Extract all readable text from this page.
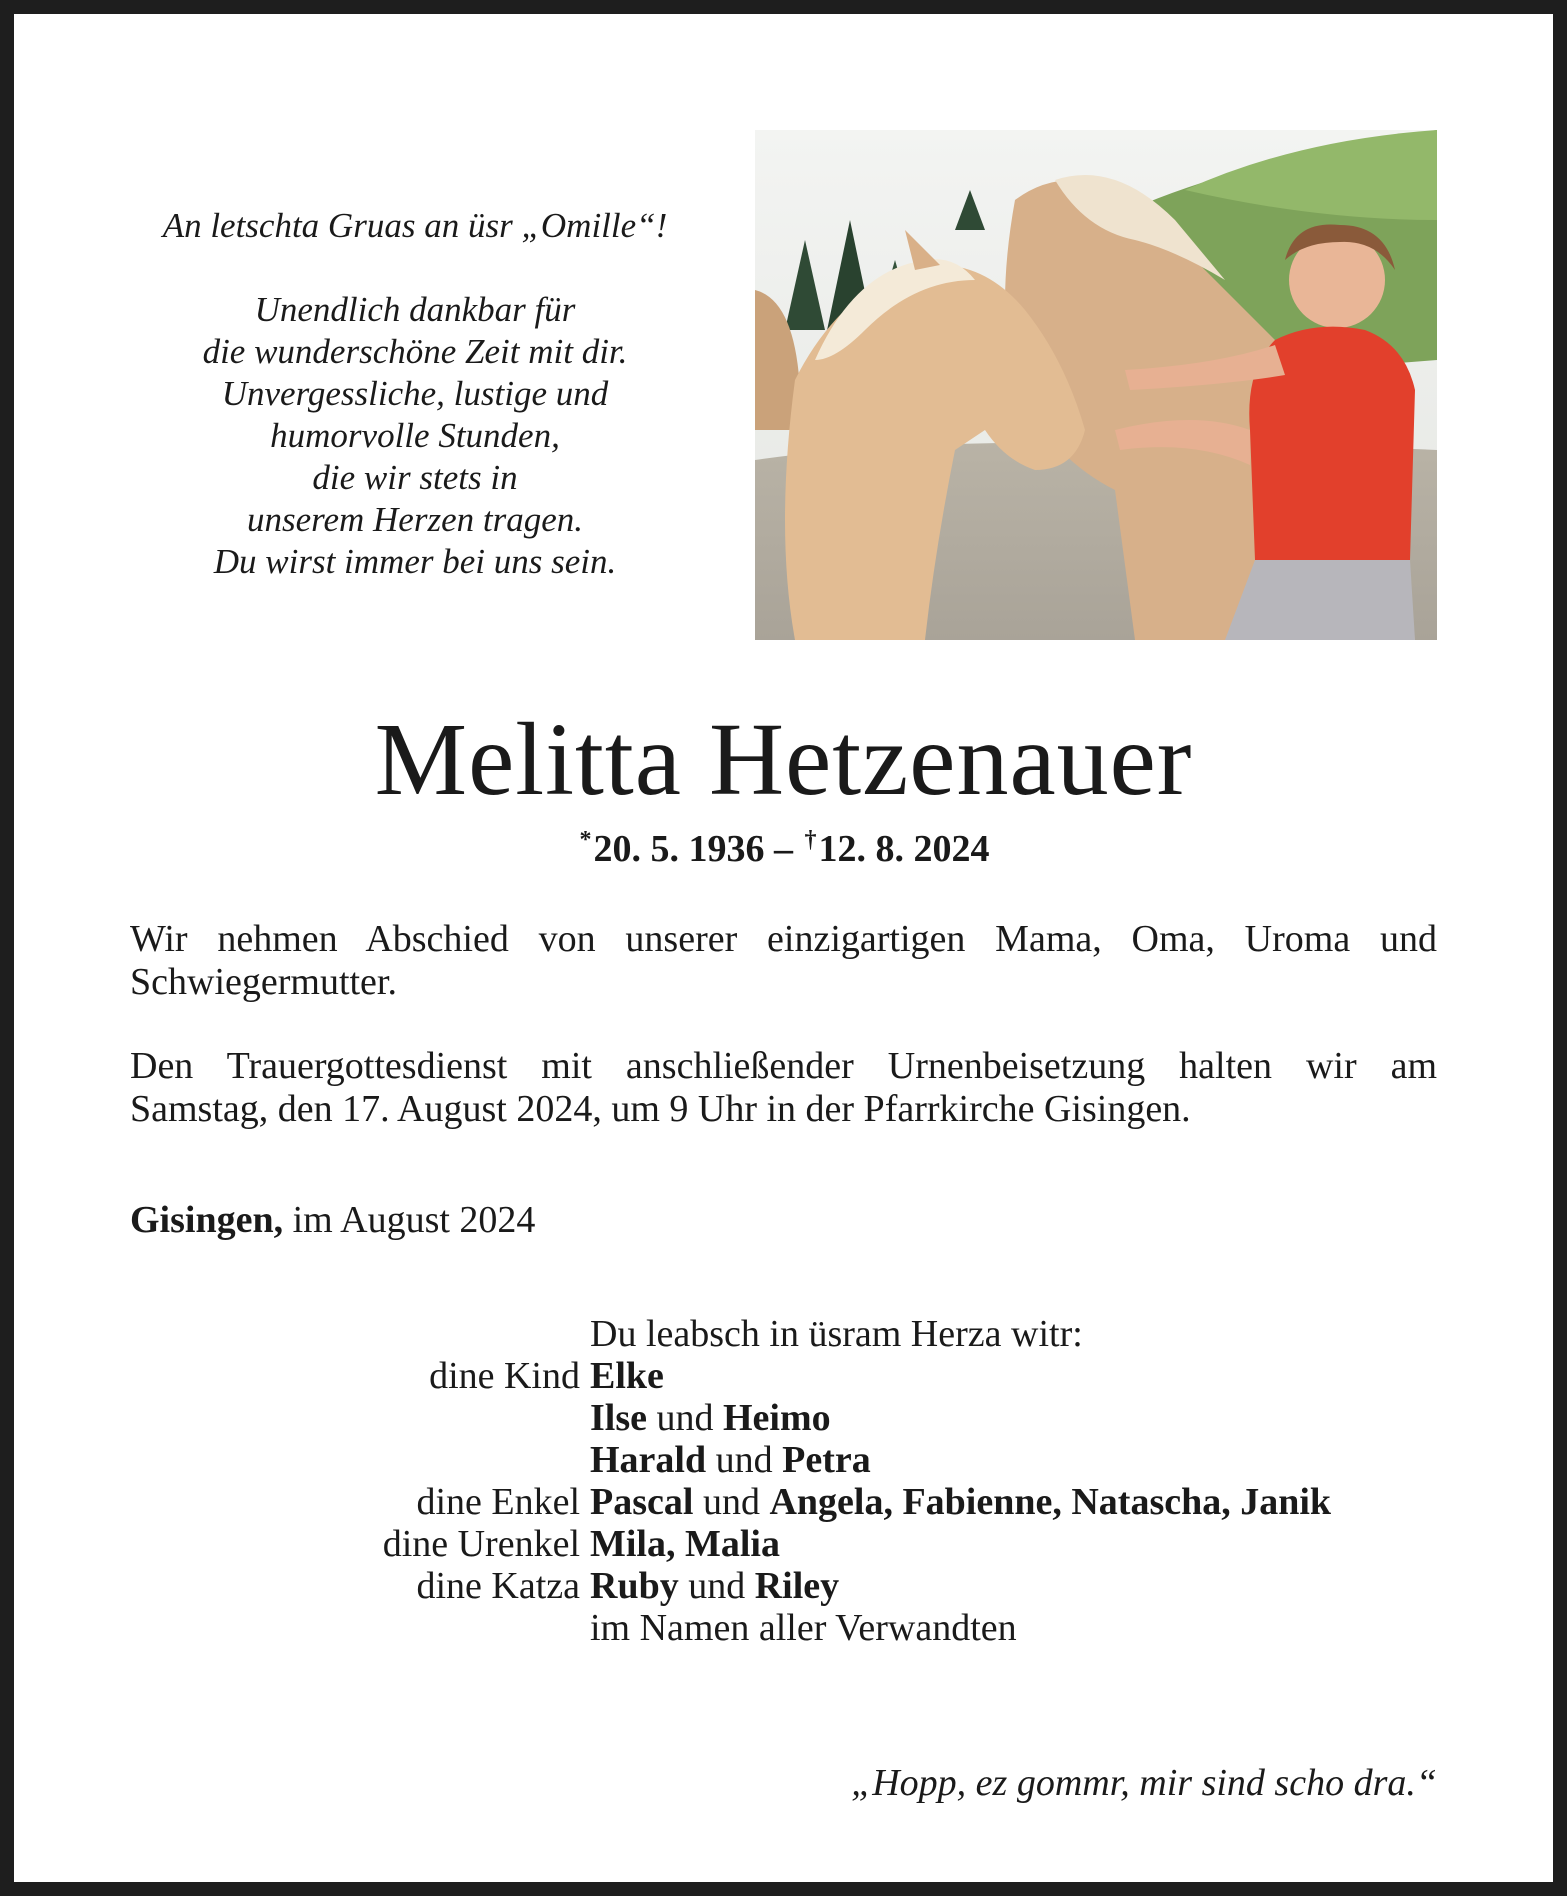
An letschta Gruas an üsr „Omille“!
Unendlich dankbar für
die wunderschöne Zeit mit dir.
Unvergessliche, lustige und
humorvolle Stunden,
die wir stets in
unserem Herzen tragen.
Du wirst immer bei uns sein.
Melitta Hetzenauer
*20. 5. 1936 – †12. 8. 2024
Wir nehmen Abschied von unserer einzigartigen Mama, Oma, Uroma und
Schwiegermutter.
Den Trauergottesdienst mit anschließender Urnenbeisetzung halten wir am
Samstag, den 17. August 2024, um 9 Uhr in der Pfarrkirche Gisingen.
Gisingen, im August 2024
Du leabsch in üsram Herza witr:
dine Kind Elke
Ilse und Heimo
Harald und Petra
dine Enkel Pascal und Angela, Fabienne, Natascha, Janik
dine Urenkel Mila, Malia
dine Katza Ruby und Riley
im Namen aller Verwandten
„Hopp, ez gommr, mir sind scho dra.“
